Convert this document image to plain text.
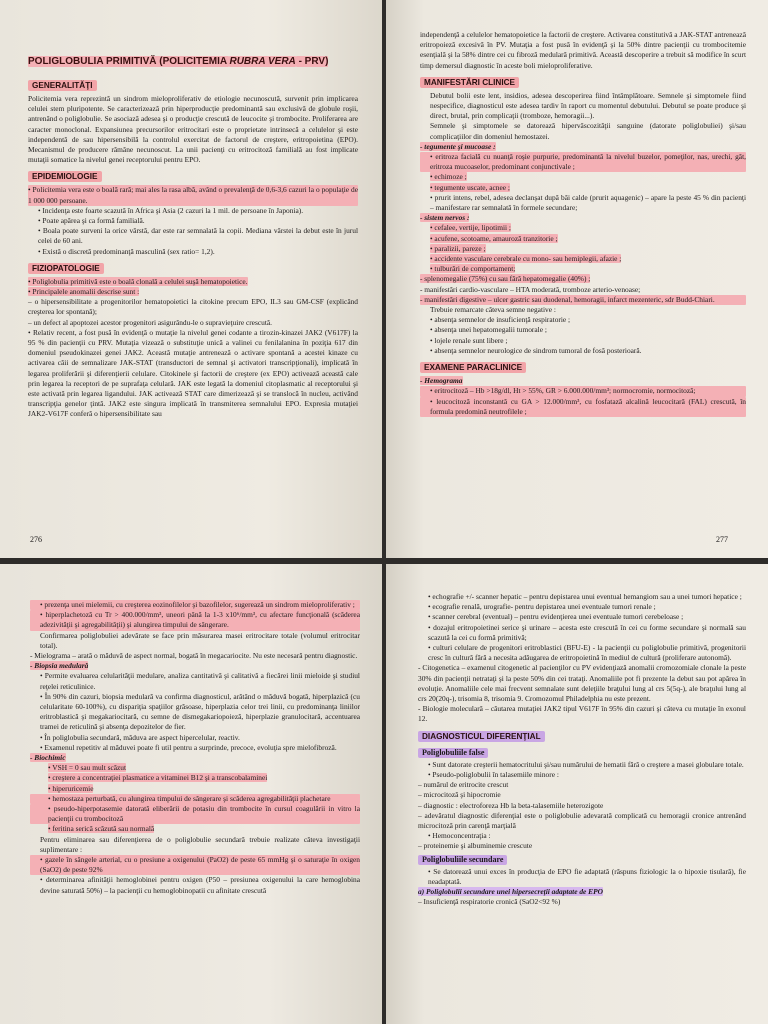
POLIGLOBULIA PRIMITIVĂ (POLICITEMIA RUBRA VERA - PRV)
GENERALITĂŢI

Policitemia vera reprezintă un sindrom mieloproliferativ de etiologie necunoscută, survenit prin implicarea celulei stem pluripotente. Se caracterizează prin hiperproducţie predominantă sau exclusivă de globule roşii, antrenând o poliglobulie. Se asociază adesea şi o producţie crescută de leucocite şi trombocite. Proliferarea are caracter monoclonal. Expansiunea precursorilor eritrocitari este o proprietate intrinsecă a celulelor şi este independentă de sau hipersensibilă la controlul exercitat de factorul de creştere, eritropoietina (EPO). Mecanismul de producere rămâne necunoscut. La unii pacienţi cu eritrocitoză familială au fost implicate mutaţii somatice la nivelul genei receptorului pentru EPO.

EPIDEMIOLOGIE

• Policitemia vera este o boală rară; mai ales la rasa albă, având o prevalenţă de 0,6-3,6 cazuri la o populaţie de 1 000 000 persoane.

• Incidenţa este foarte scazută în Africa şi Asia (2 cazuri la 1 mil. de persoane în Japonia).

• Poate apărea şi ca formă familială.

• Boala poate surveni la orice vârstă, dar este rar semnalată la copii. Mediana vârstei la debut este în jurul celei de 60 ani.

• Există o discretă predominanţă masculină (sex ratio= 1,2).

FIZIOPATOLOGIE

• Poliglobulia primitivă este o boală clonală a celulei suşă hematopoietice.

• Principalele anomalii descrise sunt :

– o hipersensibilitate a progenitorilor hematopoietici la citokine precum EPO, IL3 sau GM-CSF (explicând creşterea lor spontană);

– un defect al apoptozei acestor progenitori asigurându-le o supravieţuire crescută.

• Relativ recent, a fost pusă în evidenţă o mutaţie la nivelul genei codante a tirozin-kinazei JAK2 (V617F) la 95 % din pacienţii cu PRV. Mutaţia vizează o substituţie unică a valinei cu fenilalanina în poziţia 617 din domeniul pseudokinazei genei JAK2. Această mutaţie antrenează o activare spontană a acestei kinaze cu activarea căii de semnalizare JAK-STAT (transductori de semnal şi activatori transcripţionali), implicată în legarea proliferării şi diferenţierii celulare. Citokinele şi factorii de creştere (ex EPO) activează această cale prin legarea la receptori de pe suprafaţa celulară. JAK este legată la domeniul citoplasmatic al receptorului şi este activată prin legarea ligandului. JAK activează STAT care dimerizează şi se translocă în nucleu, activând transcripţia genelor ţintă. JAK2 este singura implicată în transmiterea semnalului EPO. Expresia mutaţiei JAK2-V617F conferă o hipersensibilitate sau

276

independenţă a celulelor hematopoietice la factorii de creştere. Activarea constitutivă a JAK-STAT antrenează eritropoieză excesivă în PV. Mutaţia a fost pusă în evidenţă şi la 50% dintre pacienţii cu trombocitemie esenţială şi la 58% dintre cei cu fibroză medulară primitivă. Această descoperire a trebuit să modifice în scurt timp demersul diagnostic în aceste boli mieloproliferative.

MANIFESTĂRI CLINICE

Debutul bolii este lent, insidios, adesea descoperirea fiind întâmplătoare. Semnele şi simptomele fiind nespecifice, diagnosticul este adesea tardiv în raport cu momentul debutului. Debutul se poate produce şi direct, brutal, prin complicaţii (tromboze, hemoragii...).

Semnele şi simptomele se datorează hipervâscozităţii sanguine (datorate poliglobuliei) şi/sau complicaţiilor din domeniul hemostazei.

- tegumente şi mucoase :

• eritroza facială cu nuanţă roşie purpurie, predominantă la nivelul buzelor, pomeţilor, nas, urechi, gât, eritroza mucoaselor, predominant conjunctivale ;

• echimoze ;

• tegumente uscate, acnee ;

• prurit intens, rebel, adesea declanşat după băi calde (prurit aquagenic) – apare la peste 45 % din pacienţi – manifestare rar semnalată în formele secundare;

- sistem nervos :

• cefalee, vertije, lipotimii ;

• acufene, scotoame, amauroză tranzitorie ;

• paralizii, pareze ;

• accidente vasculare cerebrale cu mono- sau hemiplegii, afazie ;

• tulburări de comportament;

- splenomegalie (75%) cu sau fără hepatomegalie (40%) ;

- manifestări cardio-vasculare – HTA moderată, tromboze arterio-venoase;

- manifestări digestive – ulcer gastric sau duodenal, hemoragii, infarct mezenteric, sdr Budd-Chiari.

Trebuie remarcate câteva semne negative :

• absenţa semnelor de insuficienţă respiratorie ;

• absenţa unei hepatomegalii tumorale ;

• lojele renale sunt libere ;

• absenţa semnelor neurologice de sindrom tumoral de fosă posterioară.

EXAMENE PARACLINICE

- Hemograma

• eritrocitoză – Hb >18g/dl, Ht > 55%, GR > 6.000.000/mm³; normocromie, normocitoză;

• leucocitoză inconstantă cu GA > 12.000/mm³, cu fosfatază alcalină leucocitară (FAL) crescută, în formula predomină neutrofilele ;

277

• prezenţa unei mielemii, cu creşterea eozinofilelor şi bazofilelor, sugerează un sindrom mieloproliferativ ;

• hiperplachetoză cu Tr > 400.000/mm³, uneori până la 1-3 x10⁶/mm³, cu afectare funcţională (scăderea adezivităţii şi agregabilităţii) şi alungirea timpului de sângerare.

Confirmarea poliglobuliei adevărate se face prin măsurarea masei eritrocitare totale (volumul eritrocitar total).

- Mielograma – arată o măduvă de aspect normal, bogată în megacariocite. Nu este necesară pentru diagnostic.

- Biopsia medulară

• Permite evaluarea celularităţii medulare, analiza cantitativă şi calitativă a fiecărei linii mieloide şi studiul reţelei reticulinice.

• În 90% din cazuri, biopsia medulară va confirma diagnosticul, arătând o măduvă bogată, hiperplazică (cu celularitate 60-100%), cu dispariţia spaţiilor grăsoase, hiperplazia celor trei linii, cu predominanţa liniilor eritroblastică şi megakariocitară, cu semne de dismegakariopoieză, hiperplazie granulocitară, accentuarea tramei de reticulină şi absenţa depozitelor de fier.

• În poliglobulia secundară, măduva are aspect hipercelular, reactiv.

• Examenul repetitiv al măduvei poate fi util pentru a surprinde, precoce, evoluţia spre mielofibroză.

- Biochimic

• VSH = 0 sau mult scăzut

• creştere a concentraţiei plasmatice a vitaminei B12 şi a transcobalaminei

• hiperuricemie

• hemostaza perturbată, cu alungirea timpului de sângerare şi scăderea agregabilităţii plachetare

• pseudo-hiperpotasemie datorată eliberării de potasiu din trombocite în cursul coagulării in vitro la pacienţii cu trombocitoză

• feritina serică scăzută sau normală

Pentru eliminarea sau diferenţierea de o poliglobulie secundară trebuie realizate câteva investigaţii suplimentare :

• gazele în sângele arterial, cu o presiune a oxigenului (PaO2) de peste 65 mmHg şi o saturaţie în oxigen (SaO2) de peste 92%

• determinarea afinităţii hemoglobinei pentru oxigen (P50 – presiunea oxigenului la care hemoglobina devine saturată 50%) – la pacienţii cu hemoglobinopatii cu afinitate crescută

• echografie +/- scanner hepatic – pentru depistarea unui eventual hemangiom sau a unei tumori hepatice ;

• ecografie renală, urografie- pentru depistarea unei eventuale tumori renale ;

• scanner cerebral (eventual) – pentru evidenţierea unei eventuale tumori cerebeloase ;

• dozajul eritropoietinei serice şi urinare – acesta este crescută în cei cu forme secundare şi normală sau scazută la cei cu formă primitivă;

• culturi celulare de progenitori eritroblastici (BFU-E) - la pacienţii cu poliglobulie primitivă, progenitorii cresc în cultură fără a necesita adăugarea de eritropoietină în mediul de cultură (proliferare autonomă).

- Citogenetica – examenul citogenetic al pacienţilor cu PV evidenţiază anomalii cromozomiale clonale la peste 30% din pacienţii netrataţi şi la peste 50% din cei trataţi. Anomaliile pot fi prezente la debut sau pot apărea în evoluţie. Anomaliile cele mai frecvent semnalate sunt deleţiile braţului lung al crs 5(5q-), ale braţului lung al crs 20(20q-), trisomia 8, trisomia 9. Cromozomul Philadelphia nu este prezent.

- Biologie moleculară – căutarea mutaţiei JAK2 tipul V617F în 95% din cazuri şi câteva cu mutaţie în exonul 12.

DIAGNOSTICUL DIFERENŢIAL
Poliglobuliile false

• Sunt datorate creşterii hematocritului şi/sau numărului de hematii fără o creştere a masei globulare totale.

• Pseudo-poliglobulii în talasemiile minore :

– numărul de eritrocite crescut

– microcitoză şi hipocromie

– diagnostic : electroforeza Hb la beta-talasemiile heterozigote

– adevăratul diagnostic diferenţial este o poliglobulie adevarată complicată cu hemoragii cronice antrenând microcitoză prin carenţă marţială

• Hemoconcentraţia :

– proteinemie şi albuminemie crescute

Poliglobuliile secundare

• Se datorează unui exces în producţia de EPO fie adaptată (răspuns fiziologic la o hipoxie tisulară), fie neadaptată.

a) Poliglobulii secundare unei hipersecreţii adaptate de EPO

– Insuficienţă respiratorie cronică (SaO2<92 %)
